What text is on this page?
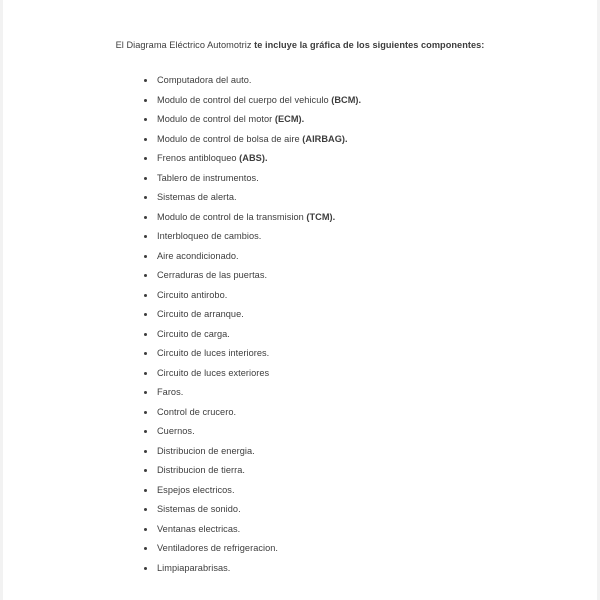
El Diagrama Eléctrico Automotriz te incluye la gráfica de los siguientes componentes:

Computadora del auto.
Modulo de control del cuerpo del vehiculo (BCM).
Modulo de control del motor (ECM).
Modulo de control de bolsa de aire (AIRBAG).
Frenos antibloqueo (ABS).
Tablero de instrumentos.
Sistemas de alerta.
Modulo de control de la transmision (TCM).
Interbloqueo de cambios.
Aire acondicionado.
Cerraduras de las puertas.
Circuito antirobo.
Circuito de arranque.
Circuito de carga.
Circuito de luces interiores.
Circuito de luces exteriores
Faros.
Control de crucero.
Cuernos.
Distribucion de energia.
Distribucion de tierra.
Espejos electricos.
Sistemas de sonido.
Ventanas electricas.
Ventiladores de refrigeracion.
Limpiaparabrisas.
